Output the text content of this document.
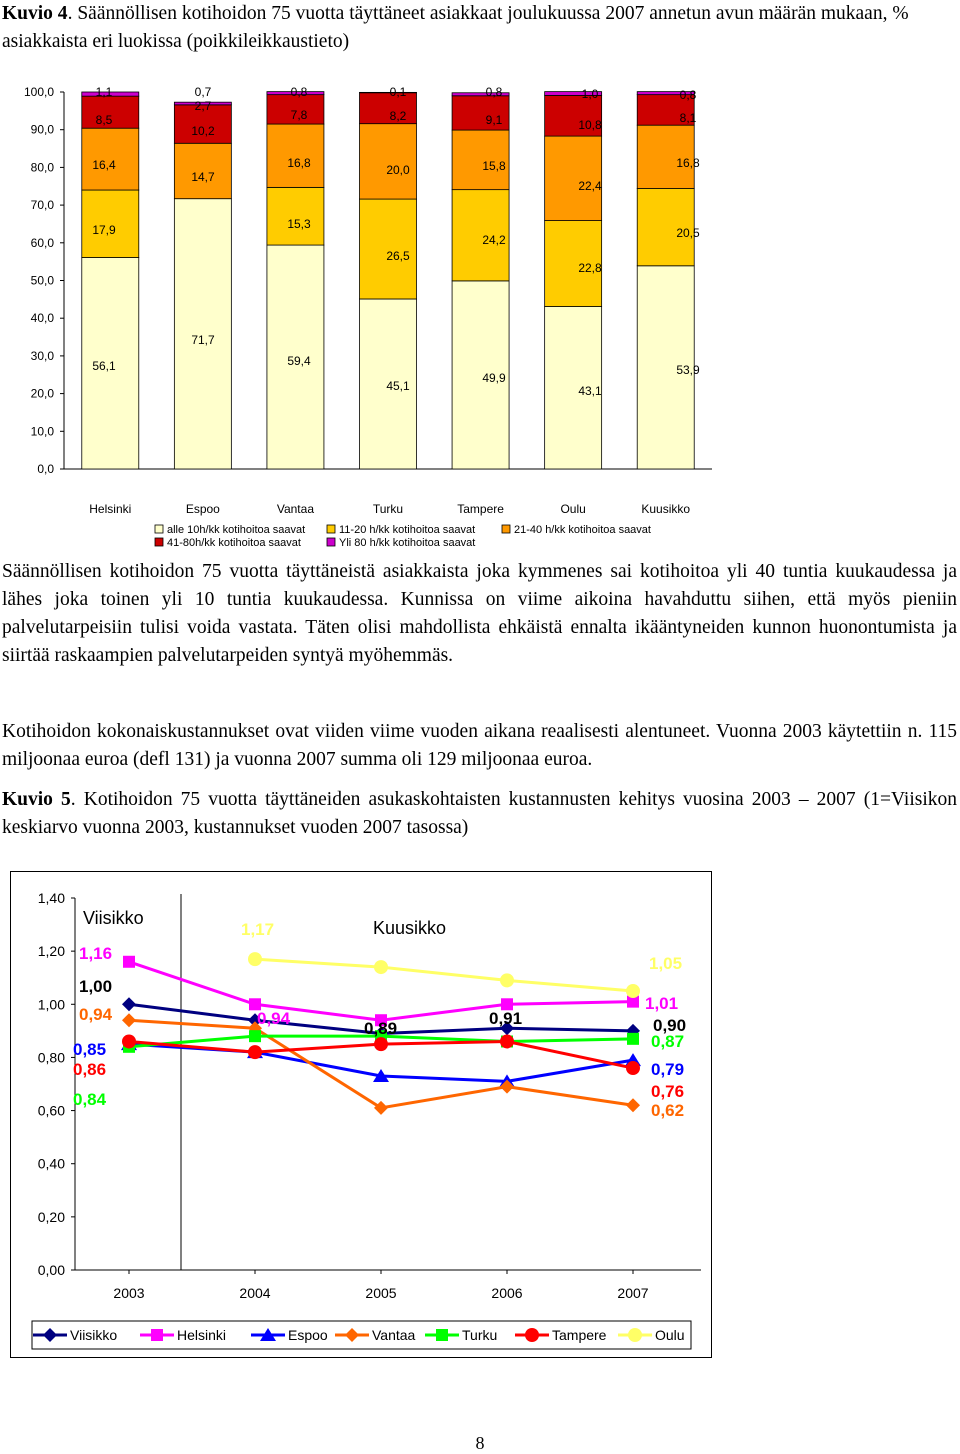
Kuvio 4. Säännöllisen kotihoidon 75 vuotta täyttäneet asiakkaat joulukuussa 2007 annetun avun määrän mukaan, % asiakkaista eri luokissa (poikkileikkaustieto)
0,0
10,0
20,0
30,0
40,0
50,0
60,0
70,0
80,0
90,0
100,0
Helsinki	Espoo	Vantaa	Turku	Tampere	Oulu	Kuusikko
56,1
71,7
59,4
45,1
49,9
43,1
53,9
17,9	15,3
26,5
24,2
22,8
20,5
16,4
14,7
16,8	20,0	15,8
22,4
16,8
8,5
10,2
7,8	8,2	9,1	10,8	8,1
1,1	0,7	0,8	0,1	0,8	1,0	0,8
2,7
alle 10h/kk kotihoitoa saavat	11-20 h/kk kotihoitoa saavat	21-40 h/kk kotihoitoa saavat
41-80h/kk kotihoitoa saavat	Yli 80 h/kk kotihoitoa saavat
Säännöllisen kotihoidon 75 vuotta täyttäneistä asiakkaista joka kymmenes sai kotihoitoa yli 40 tuntia kuukaudessa ja lähes joka toinen yli 10 tuntia kuukaudessa. Kunnissa on viime aikoina havahduttu siihen, että myös pieniin palvelutarpeisiin tulisi voida vastata. Täten olisi mahdollista ehkäistä ennalta ikääntyneiden kunnon huonontumista ja siirtää raskaampien palvelutarpeiden syntyä myöhemmäs.
Kotihoidon kokonaiskustannukset ovat viiden viime vuoden aikana reaalisesti alentuneet. Vuonna 2003 käytettiin n. 115 miljoonaa euroa (defl 131) ja vuonna 2007 summa oli 129 miljoonaa euroa.
Kuvio 5. Kotihoidon 75 vuotta täyttäneiden asukaskohtaisten kustannusten kehitys vuosina 2003 – 2007 (1=Viisikon keskiarvo vuonna 2003, kustannukset vuoden 2007 tasossa)
0,00
0,20
0,40
0,60
0,80
1,00
1,20
1,40
2003	2004	2005	2006	2007
Viisikko	Kuusikko
1,16
1,00
0,94
0,85
0,86
0,84
1,17
0,94
0,89
0,91
1,05
1,01
0,90
0,87
0,79
0,76
0,62
Viisikko	Helsinki	Espoo	Vantaa	Turku	Tampere	Oulu
8
